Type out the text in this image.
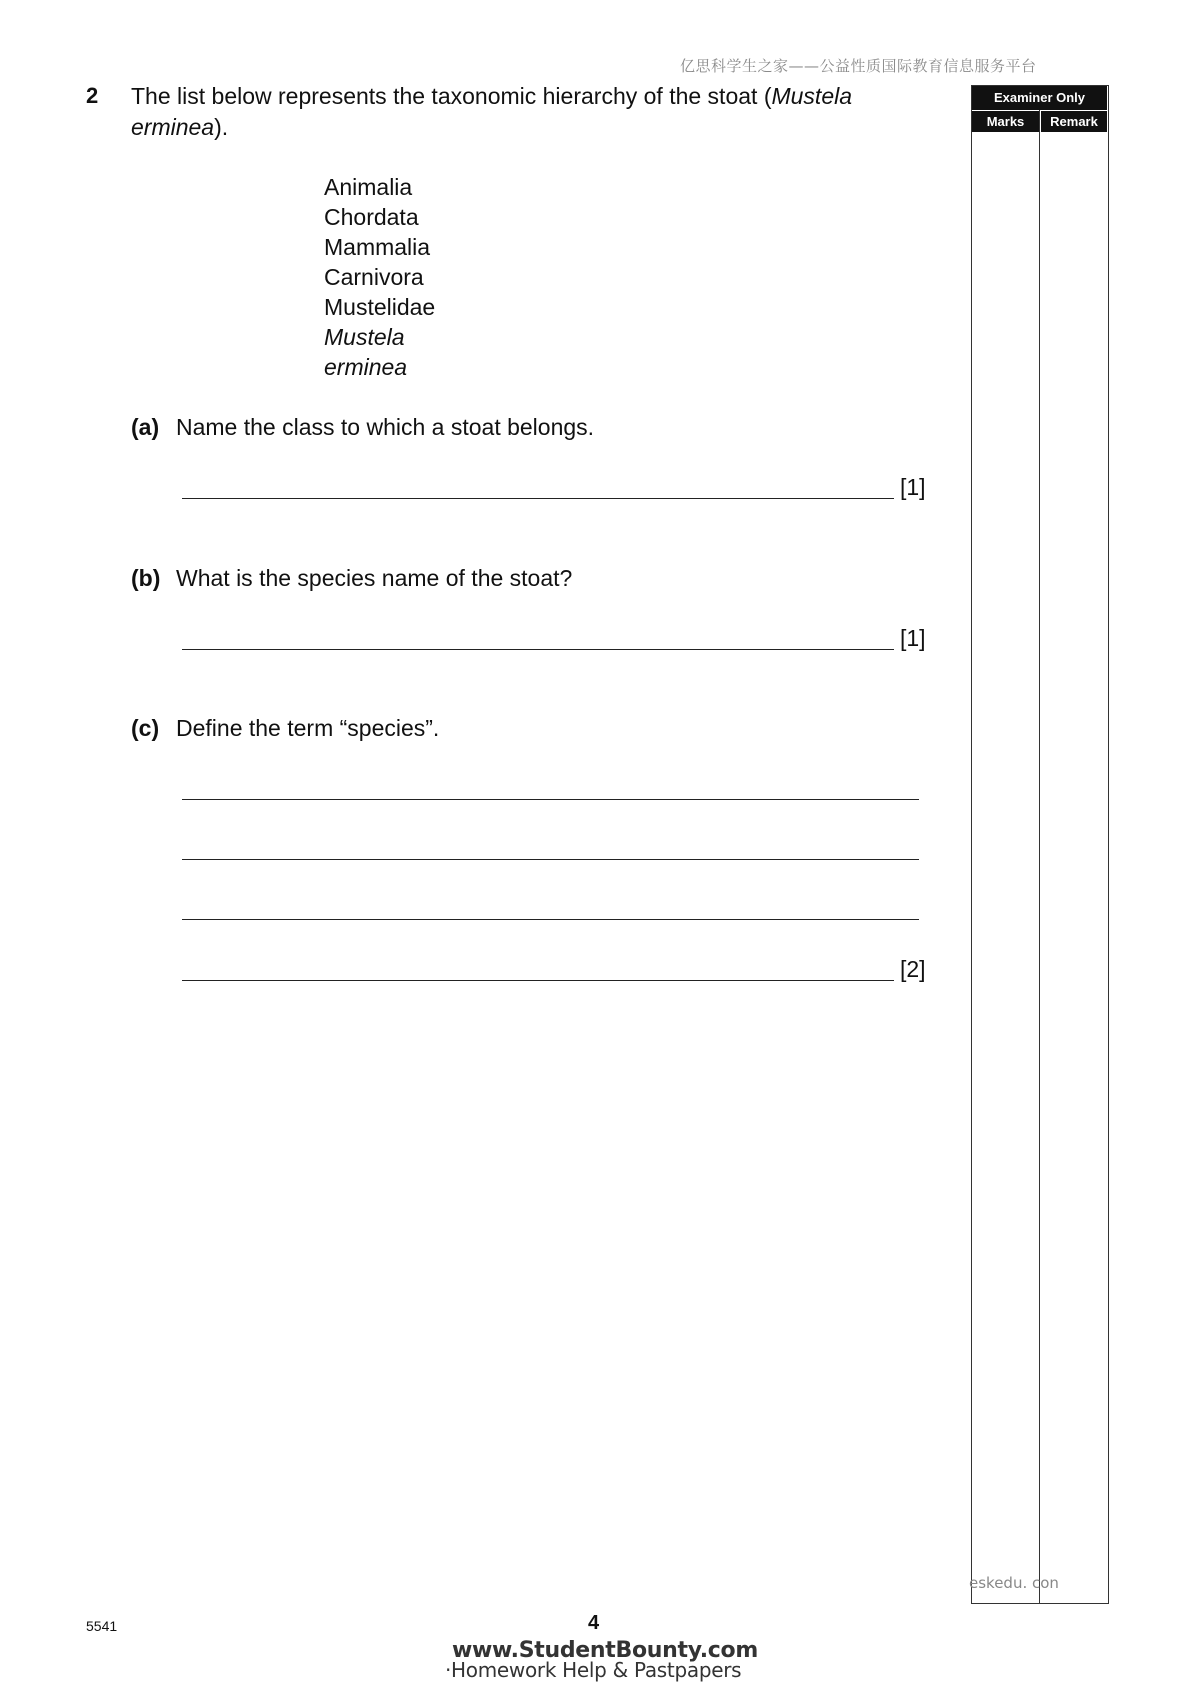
亿思科学生之家——公益性质国际教育信息服务平台
2 The list below represents the taxonomic hierarchy of the stoat (Mustela erminea).
Animalia
Chordata
Mammalia
Carnivora
Mustelidae
Mustela
erminea
(a) Name the class to which a stoat belongs.
[1]
(b) What is the species name of the stoat?
[1]
(c) Define the term “species”.
[2]
Examiner Only
Marks	Remark
eskedu. con
5541	4
www.StudentBounty.com
·Homework Help & Pastpapers
